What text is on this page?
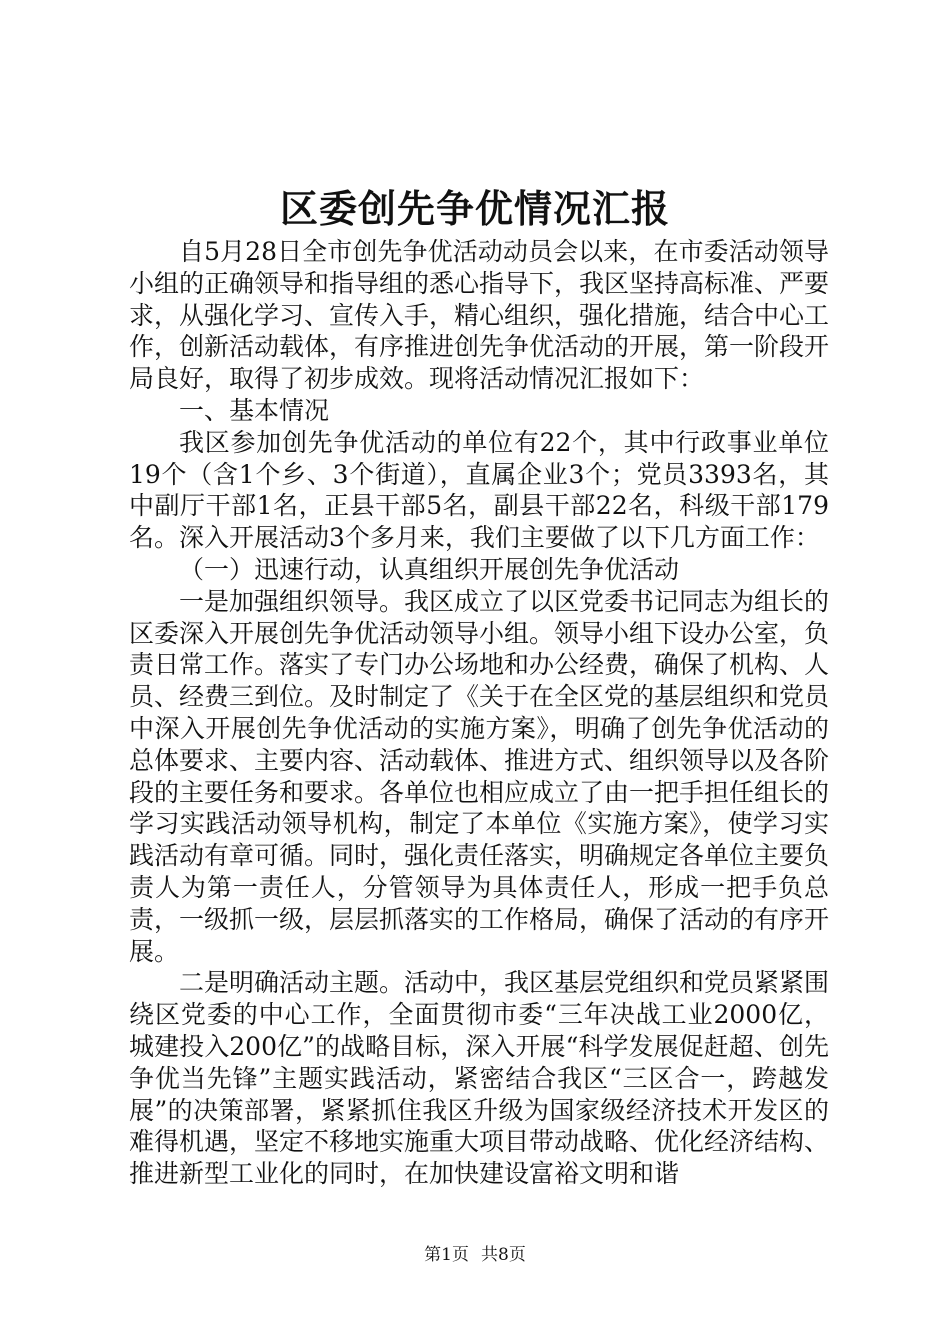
区委创先争优情况汇报

自5月28日全市创先争优活动动员会以来，在市委活动领导小组的正确领导和指导组的悉心指导下，我区坚持高标准、严要求，从强化学习、宣传入手，精心组织，强化措施，结合中心工作，创新活动载体，有序推进创先争优活动的开展，第一阶段开局良好，取得了初步成效。现将活动情况汇报如下：

一、基本情况

我区参加创先争优活动的单位有22个，其中行政事业单位19个（含1个乡、3个街道），直属企业3个；党员3393名，其中副厅干部1名，正县干部5名，副县干部22名，科级干部179名。深入开展活动3个多月来，我们主要做了以下几方面工作：

（一）迅速行动，认真组织开展创先争优活动

一是加强组织领导。我区成立了以区党委书记同志为组长的区委深入开展创先争优活动领导小组。领导小组下设办公室，负责日常工作。落实了专门办公场地和办公经费，确保了机构、人员、经费三到位。及时制定了《关于在全区党的基层组织和党员中深入开展创先争优活动的实施方案》，明确了创先争优活动的总体要求、主要内容、活动载体、推进方式、组织领导以及各阶段的主要任务和要求。各单位也相应成立了由一把手担任组长的学习实践活动领导机构，制定了本单位《实施方案》，使学习实践活动有章可循。同时，强化责任落实，明确规定各单位主要负责人为第一责任人，分管领导为具体责任人，形成一把手负总责，一级抓一级，层层抓落实的工作格局，确保了活动的有序开展。

二是明确活动主题。活动中，我区基层党组织和党员紧紧围绕区党委的中心工作，全面贯彻市委“三年决战工业2000亿，城建投入200亿”的战略目标，深入开展“科学发展促赶超、创先争优当先锋”主题实践活动，紧密结合我区“三区合一，跨越发展”的决策部署，紧紧抓住我区升级为国家级经济技术开发区的难得机遇，坚定不移地实施重大项目带动战略、优化经济结构、推进新型工业化的同时，在加快建设富裕文明和谐

第1页 共8页
